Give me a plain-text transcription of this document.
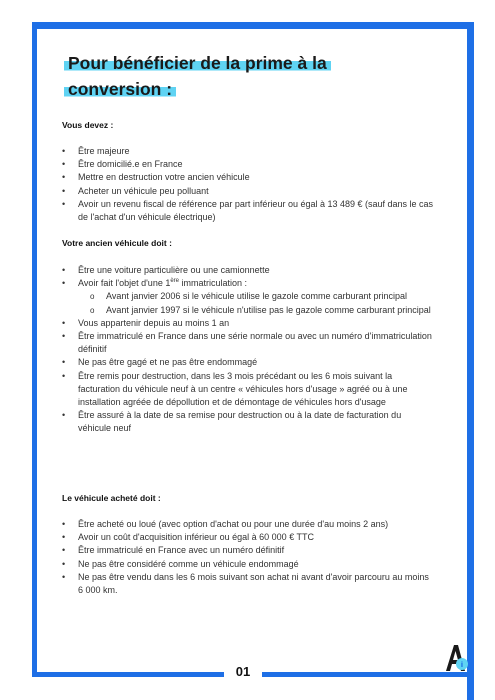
Pour bénéficier de la prime à la conversion :
Vous devez :
• Être majeure
• Être domicilié.e en France
• Mettre en destruction votre ancien véhicule
• Acheter un véhicule peu polluant
• Avoir un revenu fiscal de référence par part inférieur ou égal à 13 489 € (sauf dans le cas de l'achat d'un véhicule électrique)
Votre ancien véhicule doit :
• Être une voiture particulière ou une camionnette
• Avoir fait l'objet d'une 1ère immatriculation :
o Avant janvier 2006 si le véhicule utilise le gazole comme carburant principal
o Avant janvier 1997 si le véhicule n'utilise pas le gazole comme carburant principal
• Vous appartenir depuis au moins 1 an
• Être immatriculé en France dans une série normale ou avec un numéro d'immatriculation définitif
• Ne pas être gagé et ne pas être endommagé
• Être remis pour destruction, dans les 3 mois précédant ou les 6 mois suivant la facturation du véhicule neuf à un centre « véhicules hors d'usage » agréé ou à une installation agréée de dépollution et de démontage de véhicules hors d'usage
• Être assuré à la date de sa remise pour destruction ou à la date de facturation du véhicule neuf
Le véhicule acheté doit :
• Être acheté ou loué (avec option d'achat ou pour une durée d'au moins 2 ans)
• Avoir un coût d'acquisition inférieur ou égal à 60 000 € TTC
• Être immatriculé en France avec un numéro définitif
• Ne pas être considéré comme un véhicule endommagé
• Ne pas être vendu dans les 6 mois suivant son achat ni avant d'avoir parcouru au moins 6 000 km.
01	i
